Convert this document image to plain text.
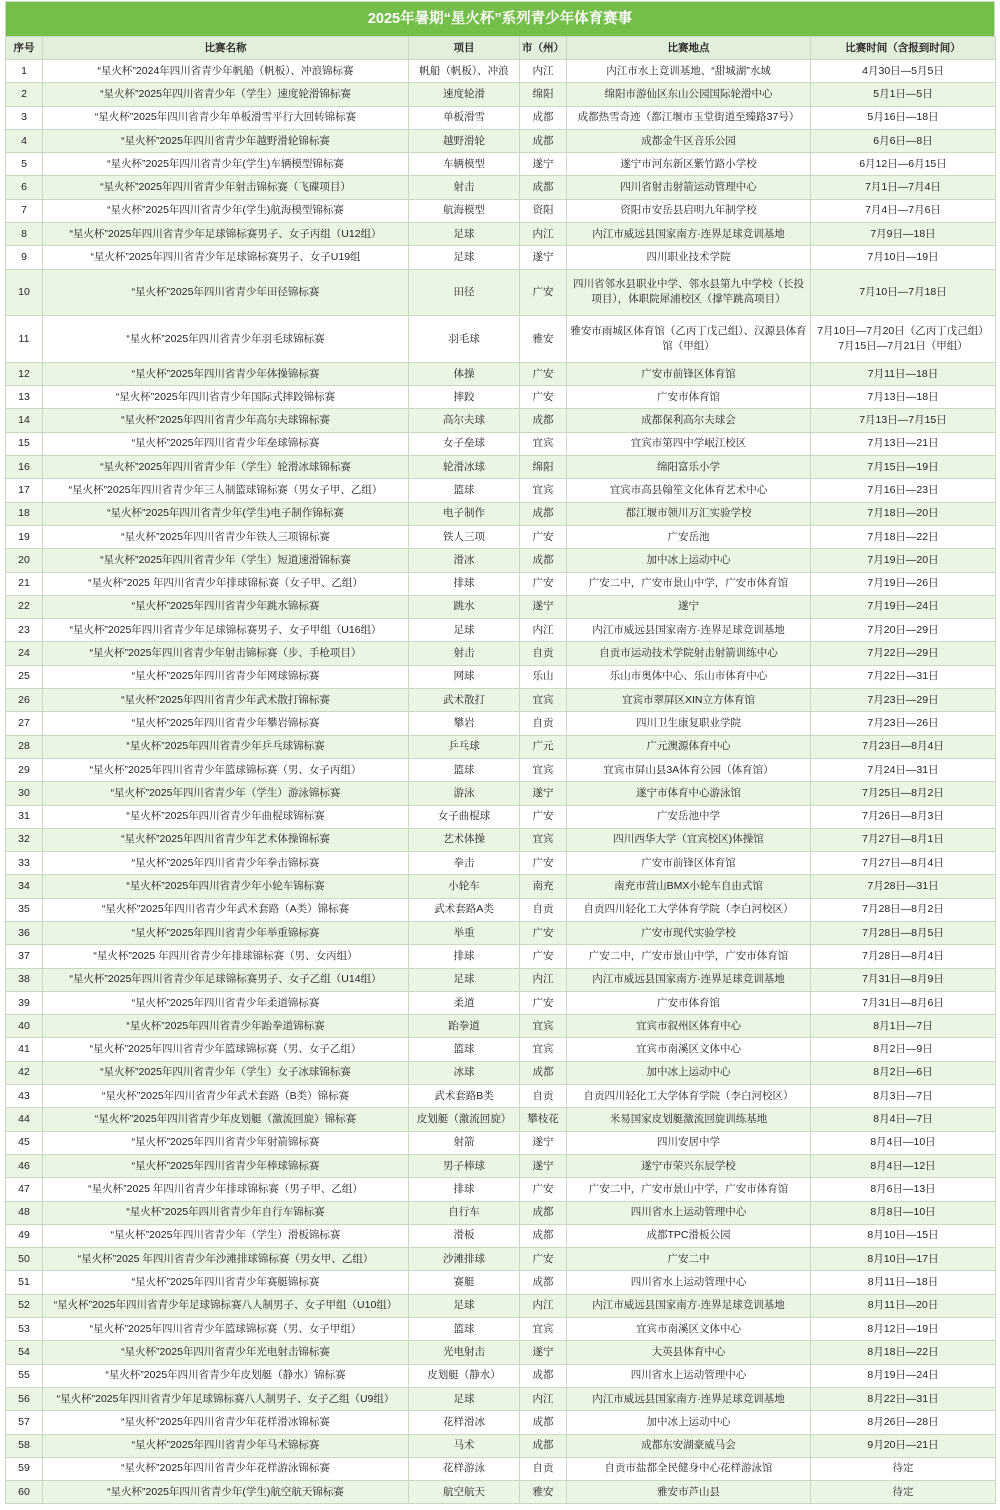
2025年暑期“星火杯”系列青少年体育赛事
序号	比赛名称	项目	市（州）	比赛地点	比赛时间（含报到时间）
1	“星火杯”2024年四川省青少年帆船（帆板）、冲浪锦标赛	帆船（帆板）、冲浪	内江	内江市水上竞训基地、“甜城湖”水域	4月30日—5月5日
2	“星火杯”2025年四川省青少年（学生）速度轮滑锦标赛	速度轮滑	绵阳	绵阳市游仙区东山公园国际轮滑中心	5月1日—5日
3	“星火杯”2025年四川省青少年单板滑雪平行大回转锦标赛	单板滑雪	成都	成都热雪奇迹（都江堰市玉堂街道至臻路37号）	5月16日—18日
4	“星火杯”2025年四川省青少年越野滑轮锦标赛	越野滑轮	成都	成都金牛区音乐公园	6月6日—8日
5	“星火杯”2025年四川省青少年(学生)车辆模型锦标赛	车辆模型	遂宁	遂宁市河东新区紫竹路小学校	6月12日—6月15日
6	“星火杯”2025年四川省青少年射击锦标赛（飞碟项目）	射击	成都	四川省射击射箭运动管理中心	7月1日—7月4日
7	“星火杯”2025年四川省青少年(学生)航海模型锦标赛	航海模型	资阳	资阳市安岳县启明九年制学校	7月4日—7月6日
8	“星火杯”2025年四川省青少年足球锦标赛男子、女子丙组（U12组）	足球	内江	内江市威远县国家南方·连界足球竞训基地	7月9日—18日
9	“星火杯”2025年四川省青少年足球锦标赛男子、女子U19组	足球	遂宁	四川职业技术学院	7月10日—19日
10	“星火杯”2025年四川省青少年田径锦标赛	田径	广安	四川省邻水县职业中学、邻水县第九中学校（长投项目），体职院犀浦校区（撑竿跳高项目）	7月10日—7月18日
11	“星火杯”2025年四川省青少年羽毛球锦标赛	羽毛球	雅安	雅安市雨城区体育馆（乙丙丁戊己组）、汉源县体育馆（甲组）	7月10日—7月20日（乙丙丁戊己组）
7月15日—7月21日（甲组）

12	“星火杯”2025年四川省青少年体操锦标赛	体操	广安	广安市前锋区体育馆	7月11日—18日
13	“星火杯”2025年四川省青少年国际式摔跤锦标赛	摔跤	广安	广安市体育馆	7月13日—18日
14	“星火杯”2025年四川省青少年高尔夫球锦标赛	高尔夫球	成都	成都保利高尔夫球会	7月13日—7月15日
15	“星火杯”2025年四川省青少年垒球锦标赛	女子垒球	宜宾	宜宾市第四中学岷江校区	7月13日—21日
16	“星火杯”2025年四川省青少年（学生）轮滑冰球锦标赛	轮滑冰球	绵阳	绵阳富乐小学	7月15日—19日
17	“星火杯”2025年四川省青少年三人制篮球锦标赛（男女子甲、乙组）	篮球	宜宾	宜宾市高县翰笙文化体育艺术中心	7月16日—23日
18	“星火杯”2025年四川省青少年(学生)电子制作锦标赛	电子制作	成都	都江堰市领川万汇实验学校	7月18日—20日
19	“星火杯”2025年四川省青少年铁人三项锦标赛	铁人三项	广安	广安岳池	7月18日—22日
20	“星火杯”2025年四川省青少年（学生）短道速滑锦标赛	滑冰	成都	加中冰上运动中心	7月19日—20日
21	“星火杯”2025 年四川省青少年排球锦标赛（女子甲、乙组）	排球	广安	广安二中，广安市景山中学，广安市体育馆	7月19日—26日
22	“星火杯”2025年四川省青少年跳水锦标赛	跳水	遂宁	遂宁	7月19日—24日
23	“星火杯”2025年四川省青少年足球锦标赛男子、女子甲组（U16组）	足球	内江	内江市威远县国家南方·连界足球竞训基地	7月20日—29日
24	“星火杯”2025年四川省青少年射击锦标赛（步、手枪项目）	射击	自贡	自贡市运动技术学院射击射箭训练中心	7月22日—29日
25	“星火杯”2025年四川省青少年网球锦标赛	网球	乐山	乐山市奥体中心、乐山市体育中心	7月22日—31日
26	“星火杯”2025年四川省青少年武术散打锦标赛	武术散打	宜宾	宜宾市翠屏区XIN立方体育馆	7月23日—29日
27	“星火杯”2025年四川省青少年攀岩锦标赛	攀岩	自贡	四川卫生康复职业学院	7月23日—26日
28	“星火杯”2025年四川省青少年乒乓球锦标赛	乒乓球	广元	广元澳源体育中心	7月23日—8月4日
29	“星火杯”2025年四川省青少年篮球锦标赛（男、女子丙组）	篮球	宜宾	宜宾市屏山县3A体育公园（体育馆）	7月24日—31日
30	“星火杯”2025年四川省青少年（学生）游泳锦标赛	游泳	遂宁	遂宁市体育中心游泳馆	7月25日—8月2日
31	“星火杯”2025年四川省青少年曲棍球锦标赛	女子曲棍球	广安	广安岳池中学	7月26日—8月3日
32	“星火杯”2025年四川省青少年艺术体操锦标赛	艺术体操	宜宾	四川西华大学（宜宾校区)体操馆	7月27日—8月1日
33	“星火杯”2025年四川省青少年拳击锦标赛	拳击	广安	广安市前锋区体育馆	7月27日—8月4日
34	“星火杯”2025年四川省青少年小轮车锦标赛	小轮车	南充	南充市营山BMX小轮车自由式馆	7月28日—31日
35	“星火杯”2025年四川省青少年武术套路（A类）锦标赛	武术套路A类	自贡	自贡四川轻化工大学体育学院（李白河校区）	7月28日—8月2日
36	“星火杯”2025年四川省青少年举重锦标赛	举重	广安	广安市现代实验学校	7月28日—8月5日
37	“星火杯”2025 年四川省青少年排球锦标赛（男、女丙组）	排球	广安	广安二中，广安市景山中学，广安市体育馆	7月28日—8月4日
38	“星火杯”2025年四川省青少年足球锦标赛男子、女子乙组（U14组）	足球	内江	内江市威远县国家南方·连界足球竞训基地	7月31日—8月9日
39	“星火杯”2025年四川省青少年柔道锦标赛	柔道	广安	广安市体育馆	7月31日—8月6日
40	“星火杯”2025年四川省青少年跆拳道锦标赛	跆拳道	宜宾	宜宾市叙州区体育中心	8月1日—7日
41	“星火杯”2025年四川省青少年篮球锦标赛（男、女子乙组）	篮球	宜宾	宜宾市南溪区文体中心	8月2日—9日
42	“星火杯”2025年四川省青少年（学生）女子冰球锦标赛	冰球	成都	加中冰上运动中心	8月2日—6日
43	“星火杯”2025年四川省青少年武术套路（B类）锦标赛	武术套路B类	自贡	自贡四川轻化工大学体育学院（李白河校区）	8月3日—7日
44	“星火杯”2025年四川省青少年皮划艇（激流回旋）锦标赛	皮划艇（激流回旋）	攀枝花	米易国家皮划艇激流回旋训练基地	8月4日—7日
45	“星火杯”2025年四川省青少年射箭锦标赛	射箭	遂宁	四川安居中学	8月4日—10日
46	“星火杯”2025年四川省青少年棒球锦标赛	男子棒球	遂宁	遂宁市荣兴东辰学校	8月4日—12日
47	“星火杯”2025 年四川省青少年排球锦标赛（男子甲、乙组）	排球	广安	广安二中，广安市景山中学，广安市体育馆	8月6日—13日
48	“星火杯”2025年四川省青少年自行车锦标赛	自行车	成都	四川省水上运动管理中心	8月8日—10日
49	“星火杯”2025年四川省青少年（学生）滑板锦标赛	滑板	成都	成都TPC滑板公园	8月10日—15日
50	“星火杯”2025 年四川省青少年沙滩排球锦标赛（男女甲、乙组）	沙滩排球	广安	广安二中	8月10日—17日
51	“星火杯”2025年四川省青少年赛艇锦标赛	赛艇	成都	四川省水上运动管理中心	8月11日—18日
52	“星火杯”2025年四川省青少年足球锦标赛八人制男子、女子甲组（U10组）	足球	内江	内江市威远县国家南方·连界足球竞训基地	8月11日—20日
53	“星火杯”2025年四川省青少年篮球锦标赛（男、女子甲组）	篮球	宜宾	宜宾市南溪区文体中心	8月12日—19日
54	“星火杯”2025年四川省青少年光电射击锦标赛	光电射击	遂宁	大英县体育中心	8月18日—22日
55	“星火杯”2025年四川省青少年皮划艇（静水）锦标赛	皮划艇（静水）	成都	四川省水上运动管理中心	8月19日—24日
56	“星火杯”2025年四川省青少年足球锦标赛八人制男子、女子乙组（U9组）	足球	内江	内江市威远县国家南方·连界足球竞训基地	8月22日—31日
57	“星火杯”2025年四川省青少年花样滑冰锦标赛	花样滑冰	成都	加中冰上运动中心	8月26日—28日
58	“星火杯”2025年四川省青少年马术锦标赛	马术	成都	成都东安湖豪威马会	9月20日—21日
59	“星火杯”2025年四川省青少年花样游泳锦标赛	花样游泳	自贡	自贡市盐都全民健身中心花样游泳馆	待定
60	“星火杯”2025年四川省青少年(学生)航空航天锦标赛	航空航天	雅安	雅安市芦山县	待定
